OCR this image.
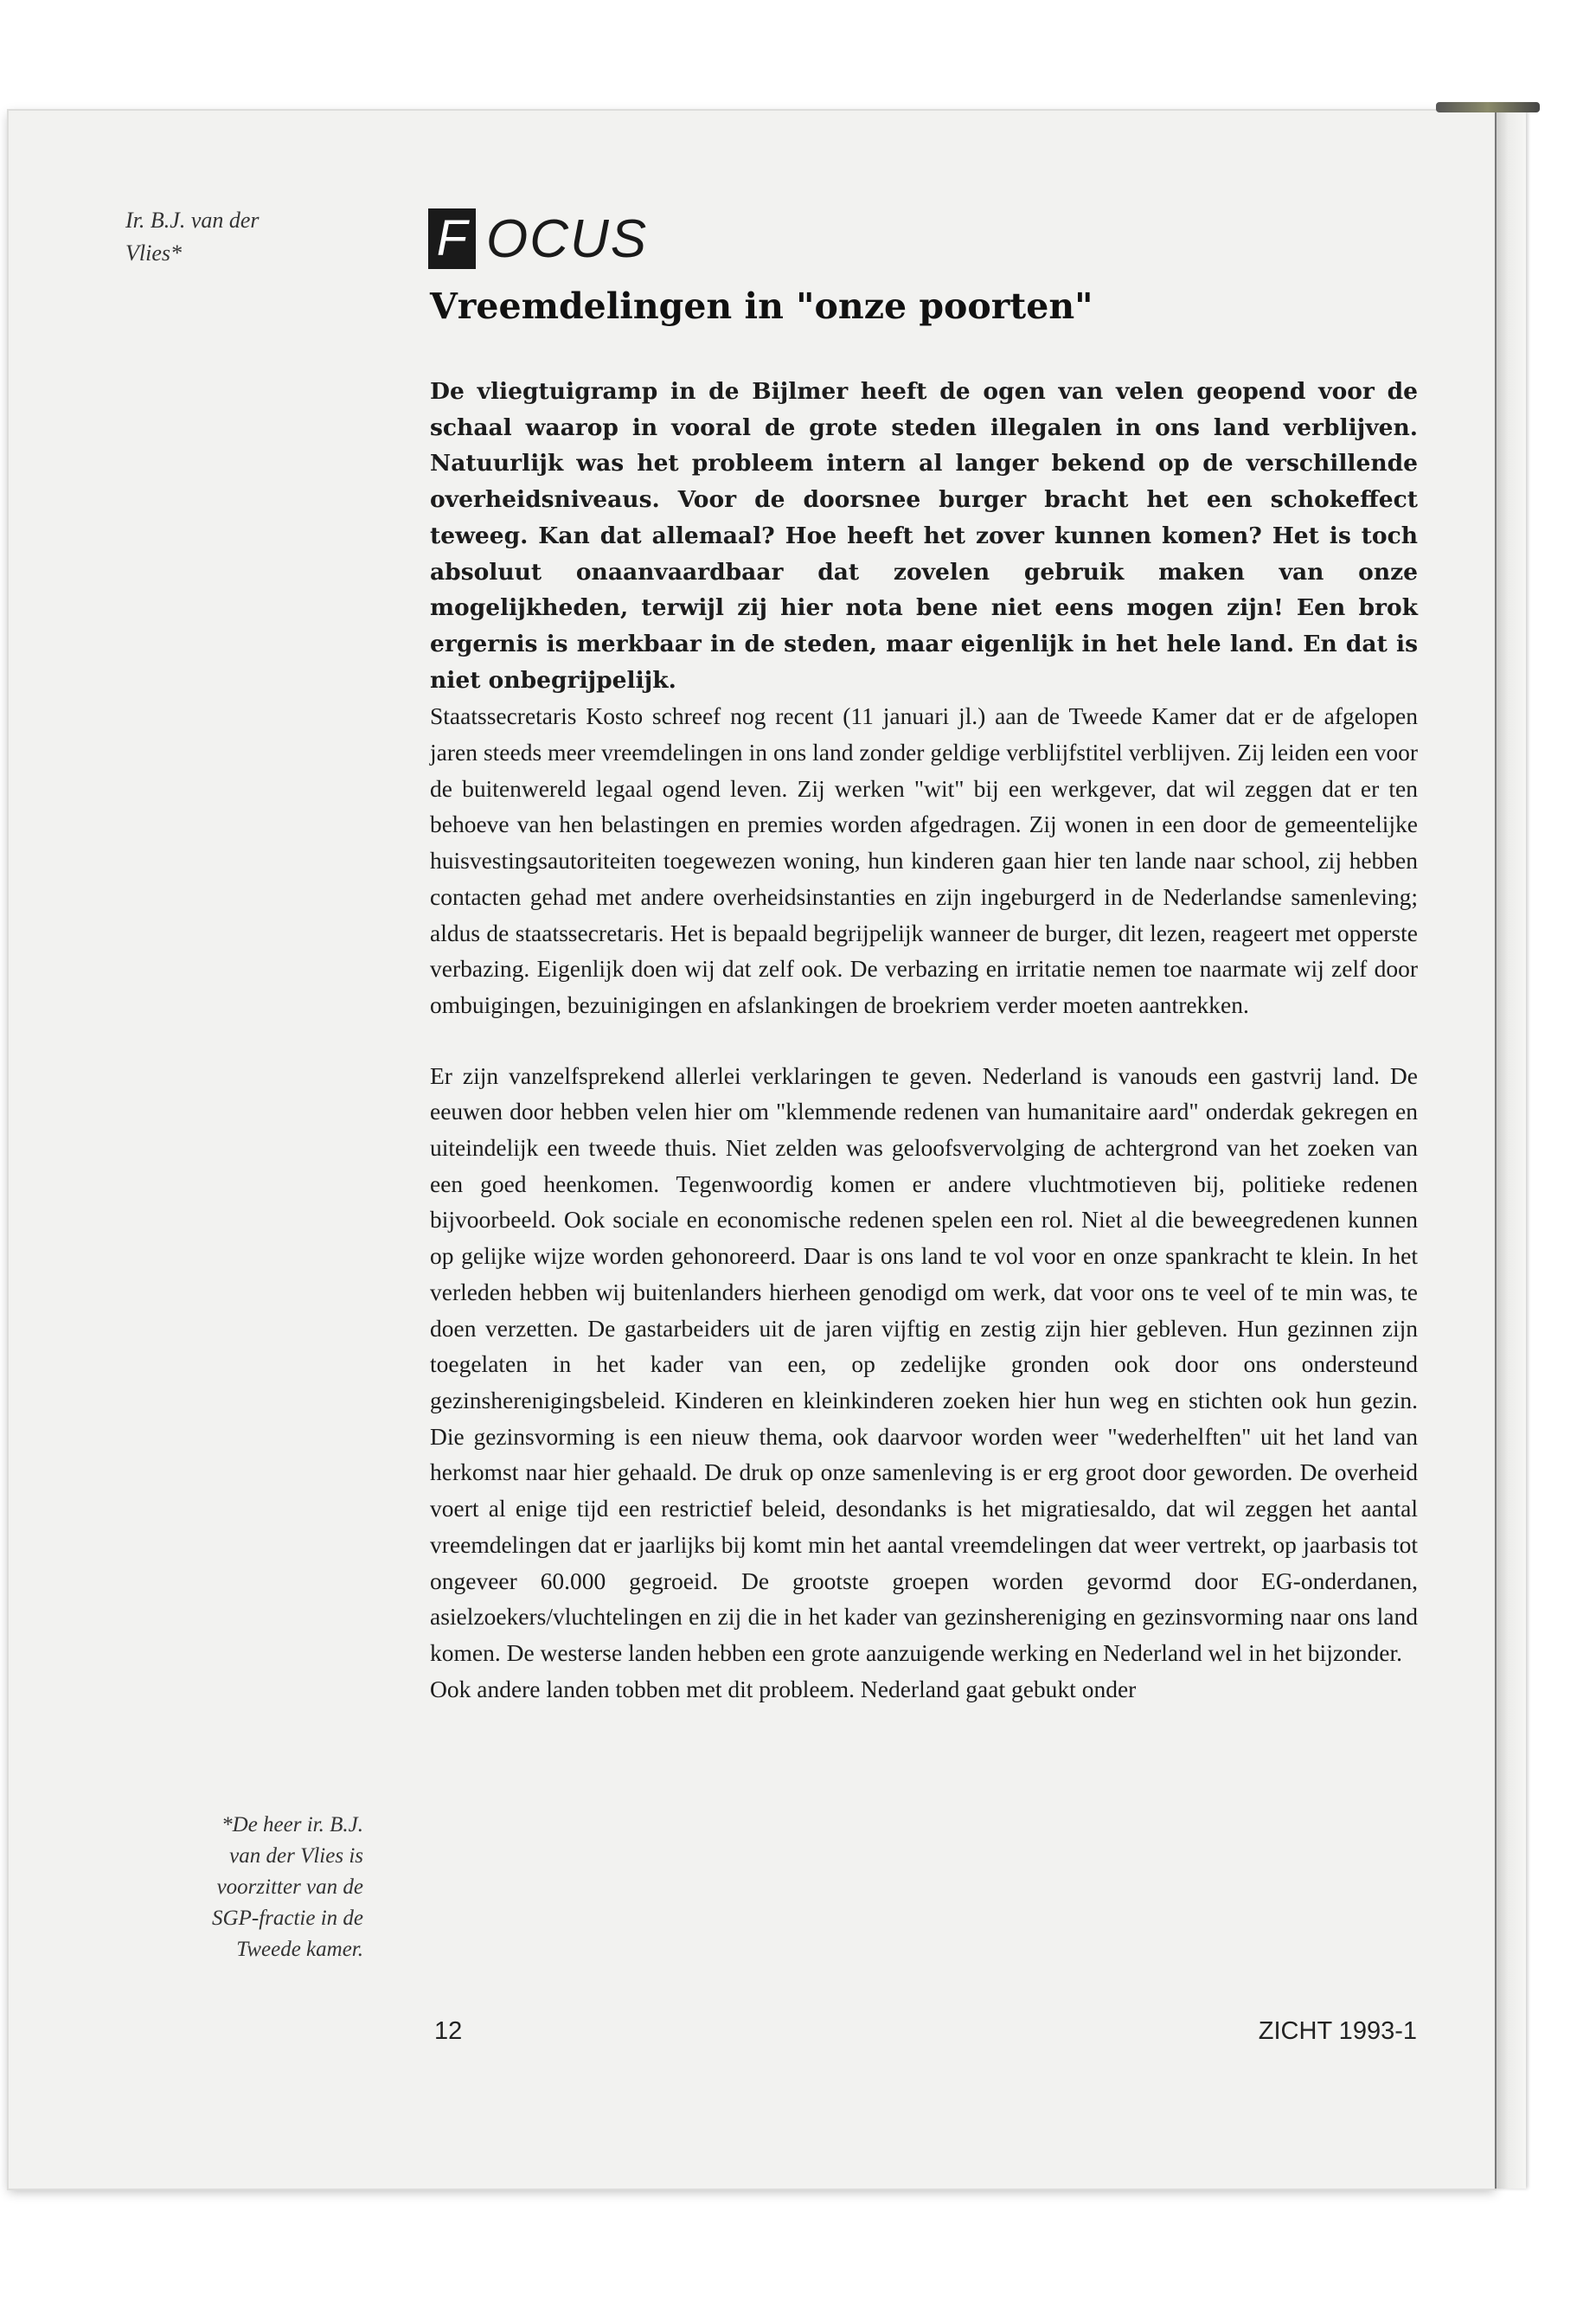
Ir. B.J. van der
Vlies*	F OCUS
Vreemdelingen in "onze poorten"

De vliegtuigramp in de Bijlmer heeft de ogen van velen geopend voor de schaal waarop in vooral de grote steden illegalen in ons land verblijven. Natuurlijk was het probleem intern al langer bekend op de verschillende overheidsniveaus. Voor de doorsnee burger bracht het een schokeffect teweeg. Kan dat allemaal? Hoe heeft het zover kunnen komen? Het is toch absoluut onaanvaardbaar dat zovelen gebruik maken van onze mogelijkheden, terwijl zij hier nota bene niet eens mogen zijn! Een brok ergernis is merkbaar in de steden, maar eigenlijk in het hele land. En dat is niet onbegrijpelijk.

Staatssecretaris Kosto schreef nog recent (11 januari jl.) aan de Tweede Kamer dat er de afgelopen jaren steeds meer vreemdelingen in ons land zonder geldige verblijfstitel verblijven. Zij leiden een voor de buitenwereld legaal ogend leven. Zij werken "wit" bij een werkgever, dat wil zeggen dat er ten behoeve van hen belastingen en premies worden afgedragen. Zij wonen in een door de gemeentelijke huisvestingsautoriteiten toegewezen woning, hun kinderen gaan hier ten lande naar school, zij hebben contacten gehad met andere overheidsinstanties en zijn ingeburgerd in de Nederlandse samenleving; aldus de staatssecretaris. Het is bepaald begrijpelijk wanneer de burger, dit lezen, reageert met opperste verbazing. Eigenlijk doen wij dat zelf ook. De verbazing en irritatie nemen toe naarmate wij zelf door ombuigingen, bezuinigingen en afslankingen de broekriem verder moeten aantrekken.

Er zijn vanzelfsprekend allerlei verklaringen te geven. Nederland is vanouds een gastvrij land. De eeuwen door hebben velen hier om "klemmende redenen van humanitaire aard" onderdak gekregen en uiteindelijk een tweede thuis. Niet zelden was geloofsvervolging de achtergrond van het zoeken van een goed heenkomen. Tegenwoordig komen er andere vluchtmotieven bij, politieke redenen bijvoorbeeld. Ook sociale en economische redenen spelen een rol. Niet al die beweegredenen kunnen op gelijke wijze worden gehonoreerd. Daar is ons land te vol voor en onze spankracht te klein. In het verleden hebben wij buitenlanders hierheen genodigd om werk, dat voor ons te veel of te min was, te doen verzetten. De gastarbeiders uit de jaren vijftig en zestig zijn hier gebleven. Hun gezinnen zijn toegelaten in het kader van een, op zedelijke gronden ook door ons ondersteund gezinsherenigingsbeleid. Kinderen en kleinkinderen zoeken hier hun weg en stichten ook hun gezin. Die gezinsvorming is een nieuw thema, ook daarvoor worden weer "wederhelften" uit het land van herkomst naar hier gehaald. De druk op onze samenleving is er erg groot door geworden. De overheid voert al enige tijd een restrictief beleid, desondanks is het migratiesaldo, dat wil zeggen het aantal vreemdelingen dat er jaarlijks bij komt min het aantal vreemdelingen dat weer vertrekt, op jaarbasis tot ongeveer 60.000 gegroeid. De grootste groepen worden gevormd door EG-onderdanen, asielzoekers/vluchtelingen en zij die in het kader van gezinshereniging en gezinsvorming naar ons land komen. De westerse landen hebben een grote aanzuigende werking en Nederland wel in het bijzonder.

Ook andere landen tobben met dit probleem. Nederland gaat gebukt onder

*De heer ir. B.J.
van der Vlies is
voorzitter van de
SGP-fractie in de
Tweede kamer.
12	ZICHT 1993-1
